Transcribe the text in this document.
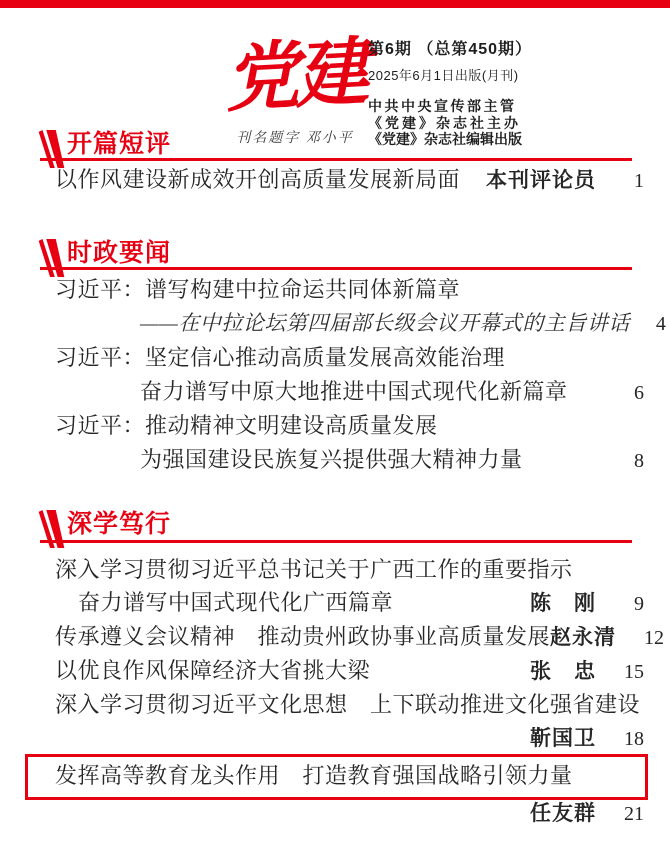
党建
刊名题字 邓小平
第6期 （总第450期）
2025年6月1日出版(月刊)
中共中央宣传部主管
《党建》杂志社主办
《党建》杂志社编辑出版
开篇短评
以作风建设新成效开创高质量发展新局面 本刊评论员	1
时政要闻
习近平：谱写构建中拉命运共同体新篇章
——在中拉论坛第四届部长级会议开幕式的主旨讲话	4
习近平：坚定信心推动高质量发展高效能治理
奋力谱写中原大地推进中国式现代化新篇章	6
习近平：推动精神文明建设高质量发展
为强国建设民族复兴提供强大精神力量	8
深学笃行
深入学习贯彻习近平总书记关于广西工作的重要指示
奋力谱写中国式现代化广西篇章	陈　刚	9
传承遵义会议精神　推动贵州政协事业高质量发展 赵永清	12
以优良作风保障经济大省挑大梁	张　忠	15
深入学习贯彻习近平文化思想　上下联动推进文化强省建设
靳国卫	18
发挥高等教育龙头作用　打造教育强国战略引领力量
任友群	21
